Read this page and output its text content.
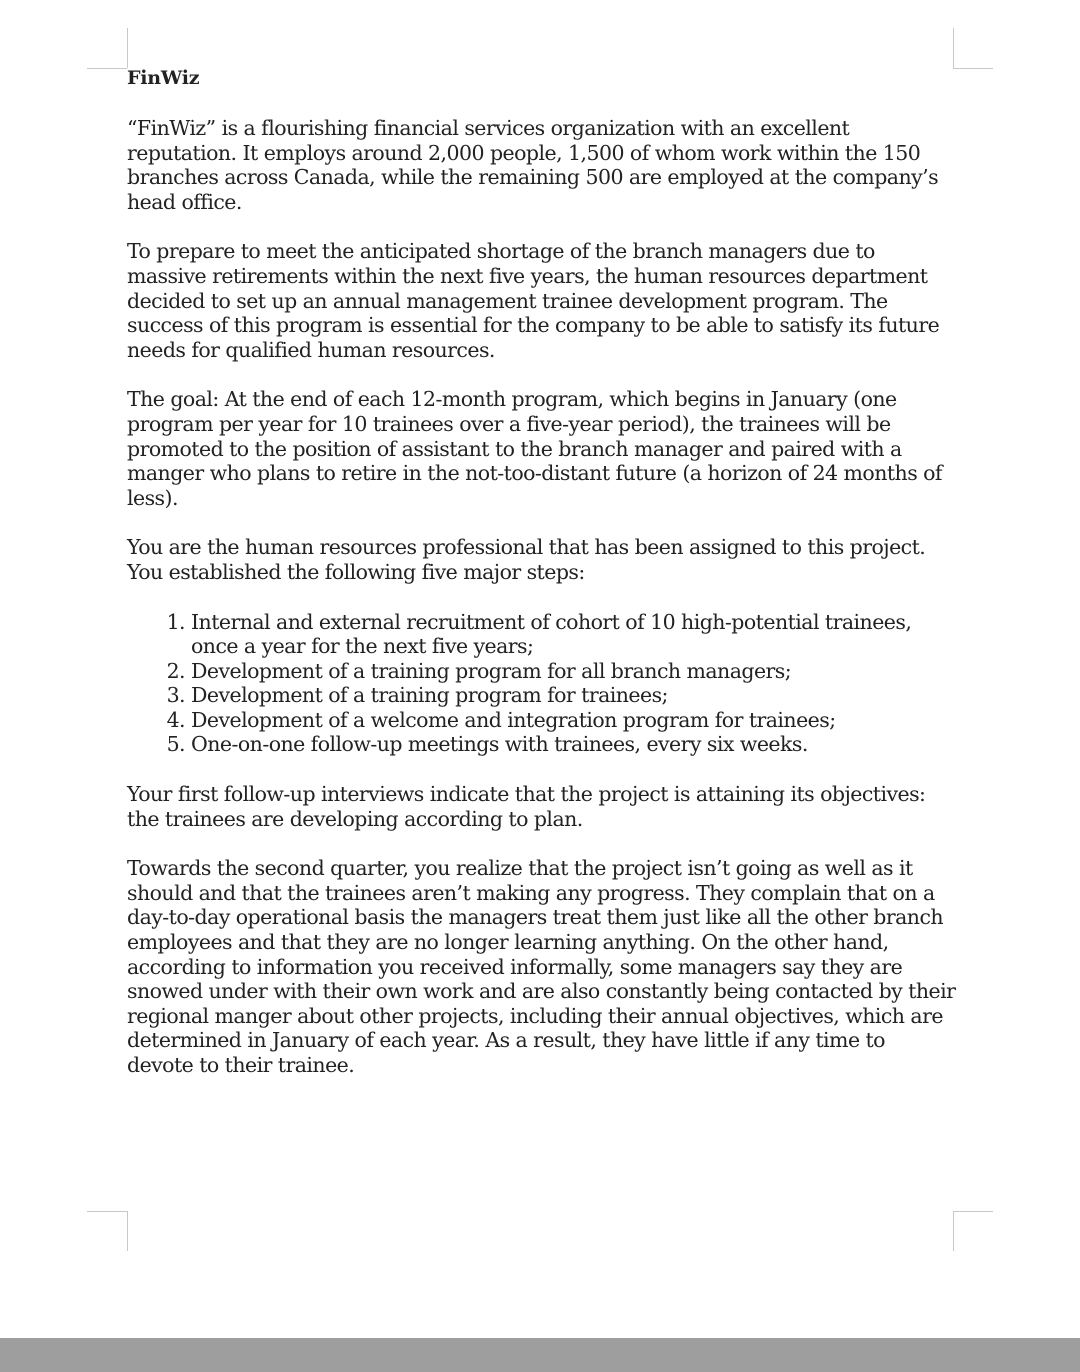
FinWiz

“FinWiz” is a flourishing financial services organization with an excellent reputation. It employs around 2,000 people, 1,500 of whom work within the 150 branches across Canada, while the remaining 500 are employed at the company’s head office.

To prepare to meet the anticipated shortage of the branch managers due to massive retirements within the next five years, the human resources department decided to set up an annual management trainee development program. The success of this program is essential for the company to be able to satisfy its future needs for qualified human resources.

The goal: At the end of each 12-month program, which begins in January (one program per year for 10 trainees over a five-year period), the trainees will be promoted to the position of assistant to the branch manager and paired with a manger who plans to retire in the not-too-distant future (a horizon of 24 months of less).

You are the human resources professional that has been assigned to this project. You established the following five major steps:

1. Internal and external recruitment of cohort of 10 high-potential trainees, once a year for the next five years;
2. Development of a training program for all branch managers;
3. Development of a training program for trainees;
4. Development of a welcome and integration program for trainees;
5. One-on-one follow-up meetings with trainees, every six weeks.

Your first follow-up interviews indicate that the project is attaining its objectives: the trainees are developing according to plan.

Towards the second quarter, you realize that the project isn’t going as well as it should and that the trainees aren’t making any progress. They complain that on a day-to-day operational basis the managers treat them just like all the other branch employees and that they are no longer learning anything. On the other hand, according to information you received informally, some managers say they are snowed under with their own work and are also constantly being contacted by their regional manger about other projects, including their annual objectives, which are determined in January of each year. As a result, they have little if any time to devote to their trainee.
